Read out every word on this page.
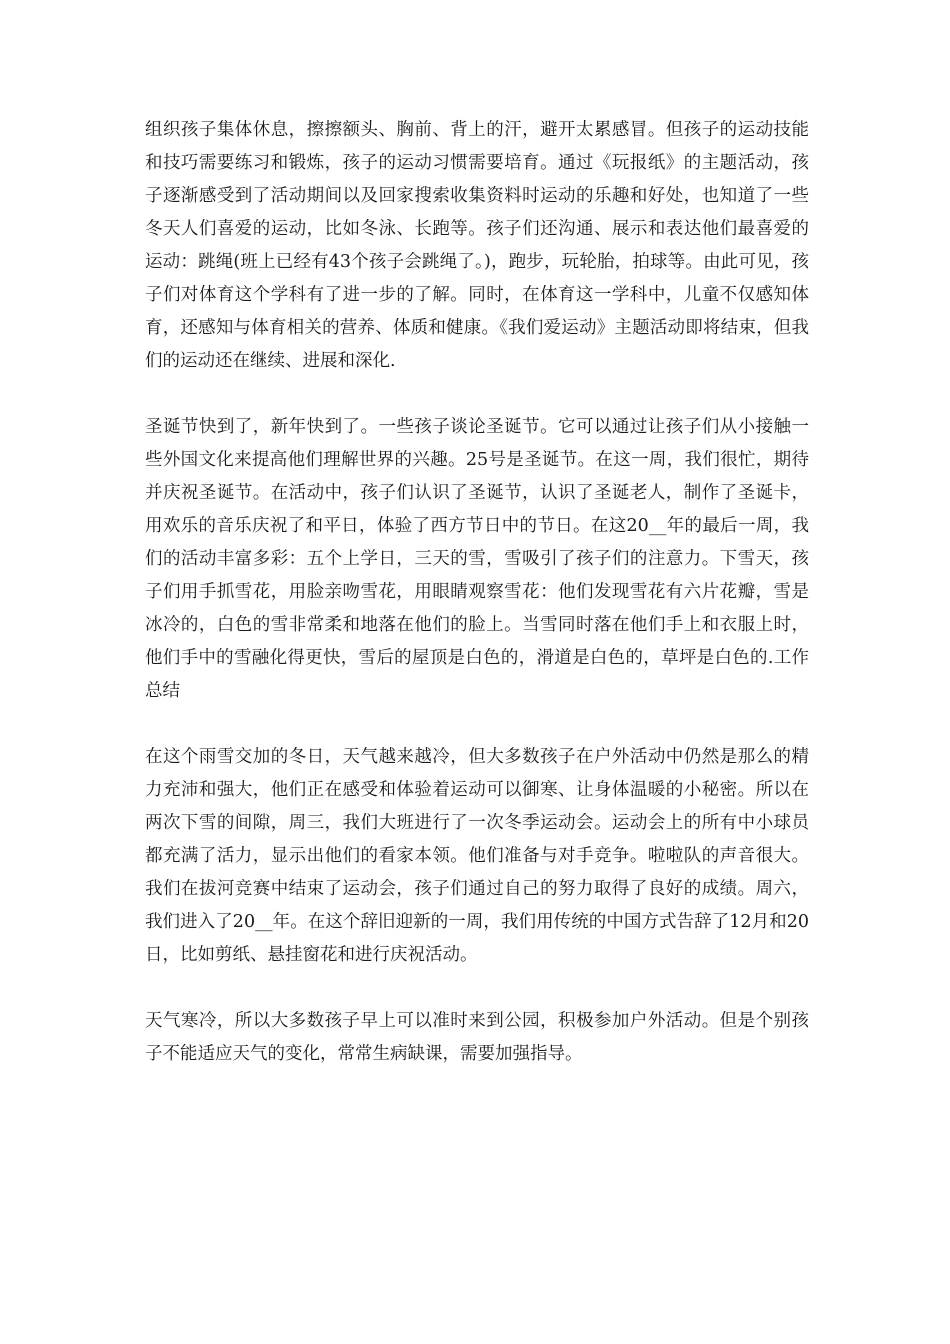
组织孩子集体休息，擦擦额头、胸前、背上的汗，避开太累感冒。但孩子的运动技能和技巧需要练习和锻炼，孩子的运动习惯需要培育。通过《玩报纸》的主题活动，孩子逐渐感受到了活动期间以及回家搜索收集资料时运动的乐趣和好处，也知道了一些冬天人们喜爱的运动，比如冬泳、长跑等。孩子们还沟通、展示和表达他们最喜爱的运动：跳绳(班上已经有43个孩子会跳绳了。)，跑步，玩轮胎，拍球等。由此可见，孩子们对体育这个学科有了进一步的了解。同时，在体育这一学科中，儿童不仅感知体育，还感知与体育相关的营养、体质和健康。《我们爱运动》主题活动即将结束，但我们的运动还在继续、进展和深化.

圣诞节快到了，新年快到了。一些孩子谈论圣诞节。它可以通过让孩子们从小接触一些外国文化来提高他们理解世界的兴趣。25号是圣诞节。在这一周，我们很忙，期待并庆祝圣诞节。在活动中，孩子们认识了圣诞节，认识了圣诞老人，制作了圣诞卡，用欢乐的音乐庆祝了和平日，体验了西方节日中的节日。在这20__年的最后一周，我们的活动丰富多彩：五个上学日，三天的雪，雪吸引了孩子们的注意力。下雪天，孩子们用手抓雪花，用脸亲吻雪花，用眼睛观察雪花：他们发现雪花有六片花瓣，雪是冰冷的，白色的雪非常柔和地落在他们的脸上。当雪同时落在他们手上和衣服上时，他们手中的雪融化得更快，雪后的屋顶是白色的，滑道是白色的，草坪是白色的.工作总结

在这个雨雪交加的冬日，天气越来越冷，但大多数孩子在户外活动中仍然是那么的精力充沛和强大，他们正在感受和体验着运动可以御寒、让身体温暖的小秘密。所以在两次下雪的间隙，周三，我们大班进行了一次冬季运动会。运动会上的所有中小球员都充满了活力，显示出他们的看家本领。他们准备与对手竞争。啦啦队的声音很大。我们在拔河竞赛中结束了运动会，孩子们通过自己的努力取得了良好的成绩。周六，我们进入了20__年。在这个辞旧迎新的一周，我们用传统的中国方式告辞了12月和20日，比如剪纸、悬挂窗花和进行庆祝活动。

天气寒冷，所以大多数孩子早上可以准时来到公园，积极参加户外活动。但是个别孩子不能适应天气的变化，常常生病缺课，需要加强指导。
